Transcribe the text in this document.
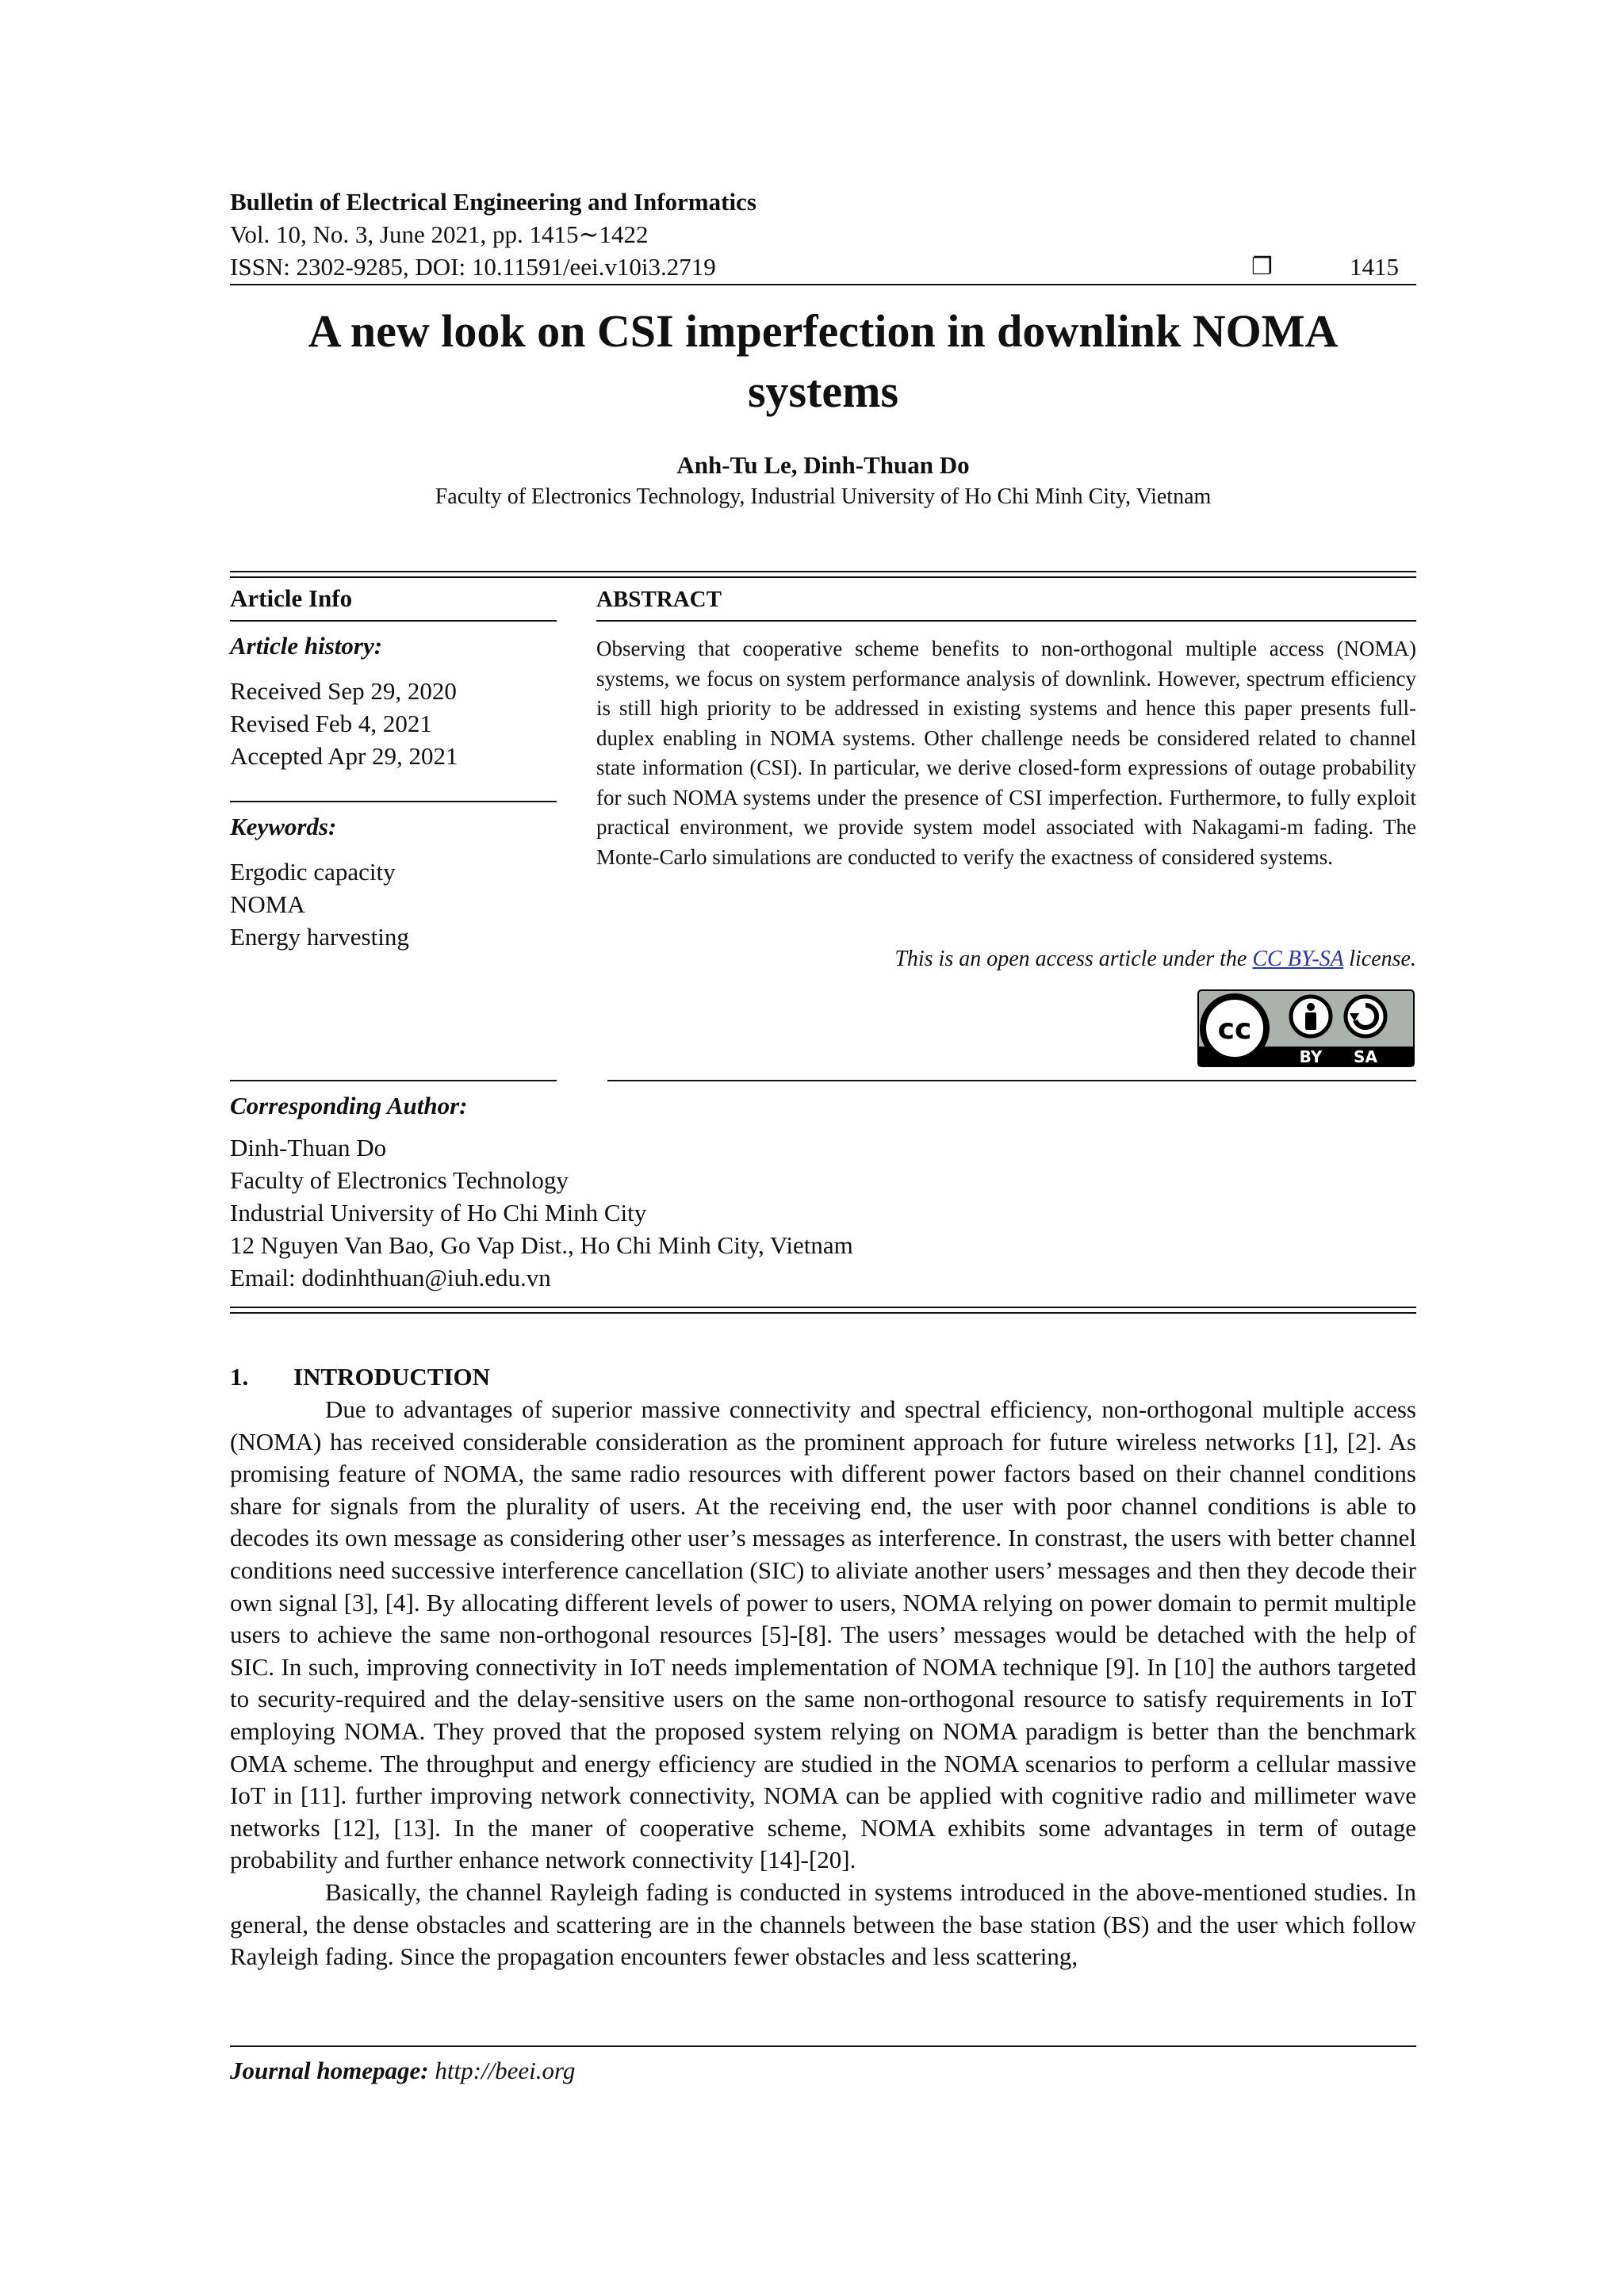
Bulletin of Electrical Engineering and Informatics
Vol. 10, No. 3, June 2021, pp. 1415∼1422
ISSN: 2302-9285, DOI: 10.11591/eei.v10i3.2719	❐	1415
A new look on CSI imperfection in downlink NOMA systems
Anh-Tu Le, Dinh-Thuan Do
Faculty of Electronics Technology, Industrial University of Ho Chi Minh City, Vietnam
Article Info
Article history:
Received Sep 29, 2020
Revised Feb 4, 2021
Accepted Apr 29, 2021
Keywords:
Ergodic capacity
NOMA
Energy harvesting
ABSTRACT
Observing that cooperative scheme benefits to non-orthogonal multiple access (NOMA) systems, we focus on system performance analysis of downlink. However, spectrum efficiency is still high priority to be addressed in existing systems and hence this paper presents full-duplex enabling in NOMA systems. Other challenge needs be considered related to channel state information (CSI). In particular, we derive closed-form expressions of outage probability for such NOMA systems under the presence of CSI imperfection. Furthermore, to fully exploit practical environment, we provide system model associated with Nakagami-m fading. The Monte-Carlo simulations are conducted to verify the exactness of considered systems.
This is an open access article under the CC BY-SA license.
cc
BY SA
Corresponding Author:
Dinh-Thuan Do
Faculty of Electronics Technology
Industrial University of Ho Chi Minh City
12 Nguyen Van Bao, Go Vap Dist., Ho Chi Minh City, Vietnam
Email: dodinhthuan@iuh.edu.vn
1. INTRODUCTION

Due to advantages of superior massive connectivity and spectral efficiency, non-orthogonal multiple access (NOMA) has received considerable consideration as the prominent approach for future wireless networks [1], [2]. As promising feature of NOMA, the same radio resources with different power factors based on their channel conditions share for signals from the plurality of users. At the receiving end, the user with poor channel conditions is able to decodes its own message as considering other user’s messages as interference. In constrast, the users with better channel conditions need successive interference cancellation (SIC) to aliviate another users’ messages and then they decode their own signal [3], [4]. By allocating different levels of power to users, NOMA relying on power domain to permit multiple users to achieve the same non-orthogonal resources [5]-[8]. The users’ messages would be detached with the help of SIC. In such, improving connectivity in IoT needs implementation of NOMA technique [9]. In [10] the authors targeted to security-required and the delay-sensitive users on the same non-orthogonal resource to satisfy requirements in IoT employing NOMA. They proved that the proposed system relying on NOMA paradigm is better than the benchmark OMA scheme. The throughput and energy efficiency are studied in the NOMA scenarios to perform a cellular massive IoT in [11]. further improving network connectivity, NOMA can be applied with cognitive radio and millimeter wave networks [12], [13]. In the maner of cooperative scheme, NOMA exhibits some advantages in term of outage probability and further enhance network connectivity [14]-[20].

Basically, the channel Rayleigh fading is conducted in systems introduced in the above-mentioned studies. In general, the dense obstacles and scattering are in the channels between the base station (BS) and the user which follow Rayleigh fading. Since the propagation encounters fewer obstacles and less scattering,

Journal homepage: http://beei.org
